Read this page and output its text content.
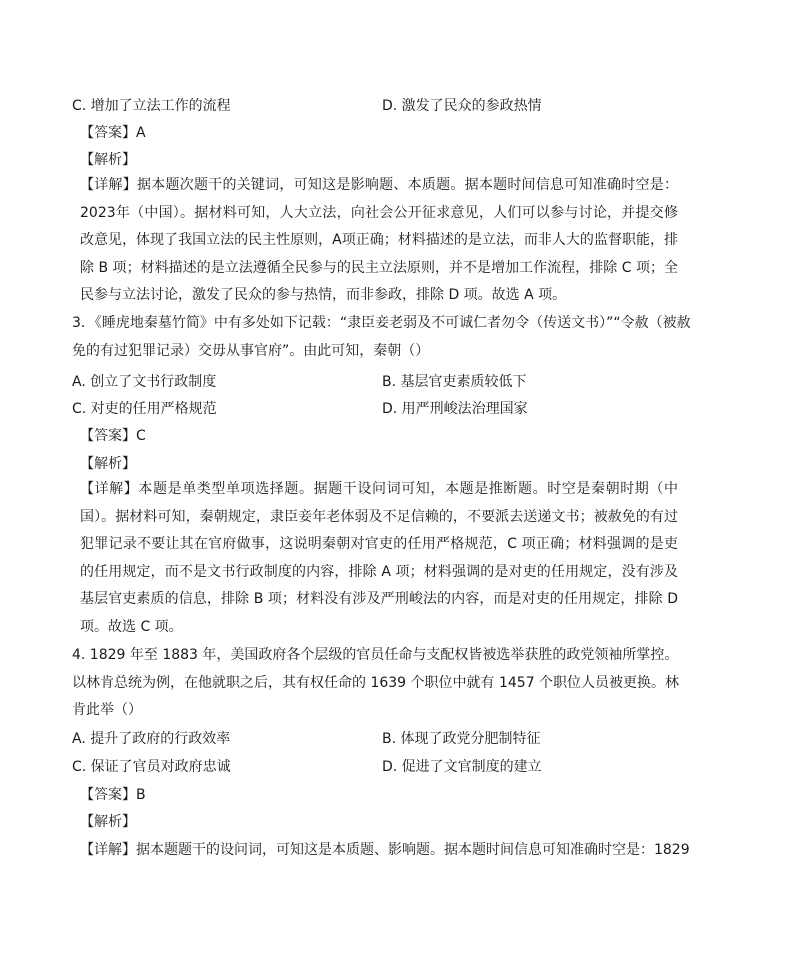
C. 增加了立法工作的流程	D. 激发了民众的参政热情
【答案】A
【解析】
【详解】据本题次题干的关键词，可知这是影响题、本质题。据本题时间信息可知准确时空是：2023年（中国）。据材料可知，人大立法，向社会公开征求意见，人们可以参与讨论，并提交修改意见，体现了我国立法的民主性原则，A项正确；材料描述的是立法，而非人大的监督职能，排除 B 项；材料描述的是立法遵循全民参与的民主立法原则，并不是增加工作流程，排除 C 项；全民参与立法讨论，激发了民众的参与热情，而非参政，排除 D 项。故选 A 项。
3．《睡虎地秦墓竹简》中有多处如下记载：“隶臣妾老弱及不可诚仁者勿令（传送文书）”“令赦（被赦免的有过犯罪记录）交毋从事官府”。由此可知，秦朝（）
A. 创立了文书行政制度	B. 基层官吏素质较低下
C. 对吏的任用严格规范	D. 用严刑峻法治理国家
【答案】C
【解析】
【详解】本题是单类型单项选择题。据题干设问词可知，本题是推断题。时空是秦朝时期（中国）。据材料可知，秦朝规定，隶臣妾年老体弱及不足信赖的，不要派去送递文书；被赦免的有过犯罪记录不要让其在官府做事，这说明秦朝对官吏的任用严格规范，C 项正确；材料强调的是吏的任用规定，而不是文书行政制度的内容，排除 A 项；材料强调的是对吏的任用规定，没有涉及基层官吏素质的信息，排除 B 项；材料没有涉及严刑峻法的内容，而是对吏的任用规定，排除 D 项。故选 C 项。
4. 1829 年至 1883 年，美国政府各个层级的官员任命与支配权皆被选举获胜的政党领袖所掌控。以林肯总统为例，在他就职之后，其有权任命的 1639 个职位中就有 1457 个职位人员被更换。林肯此举（）
A. 提升了政府的行政效率	B. 体现了政党分肥制特征
C. 保证了官员对政府忠诚	D. 促进了文官制度的建立
【答案】B
【解析】
【详解】据本题题干的设问词，可知这是本质题、影响题。据本题时间信息可知准确时空是：1829
